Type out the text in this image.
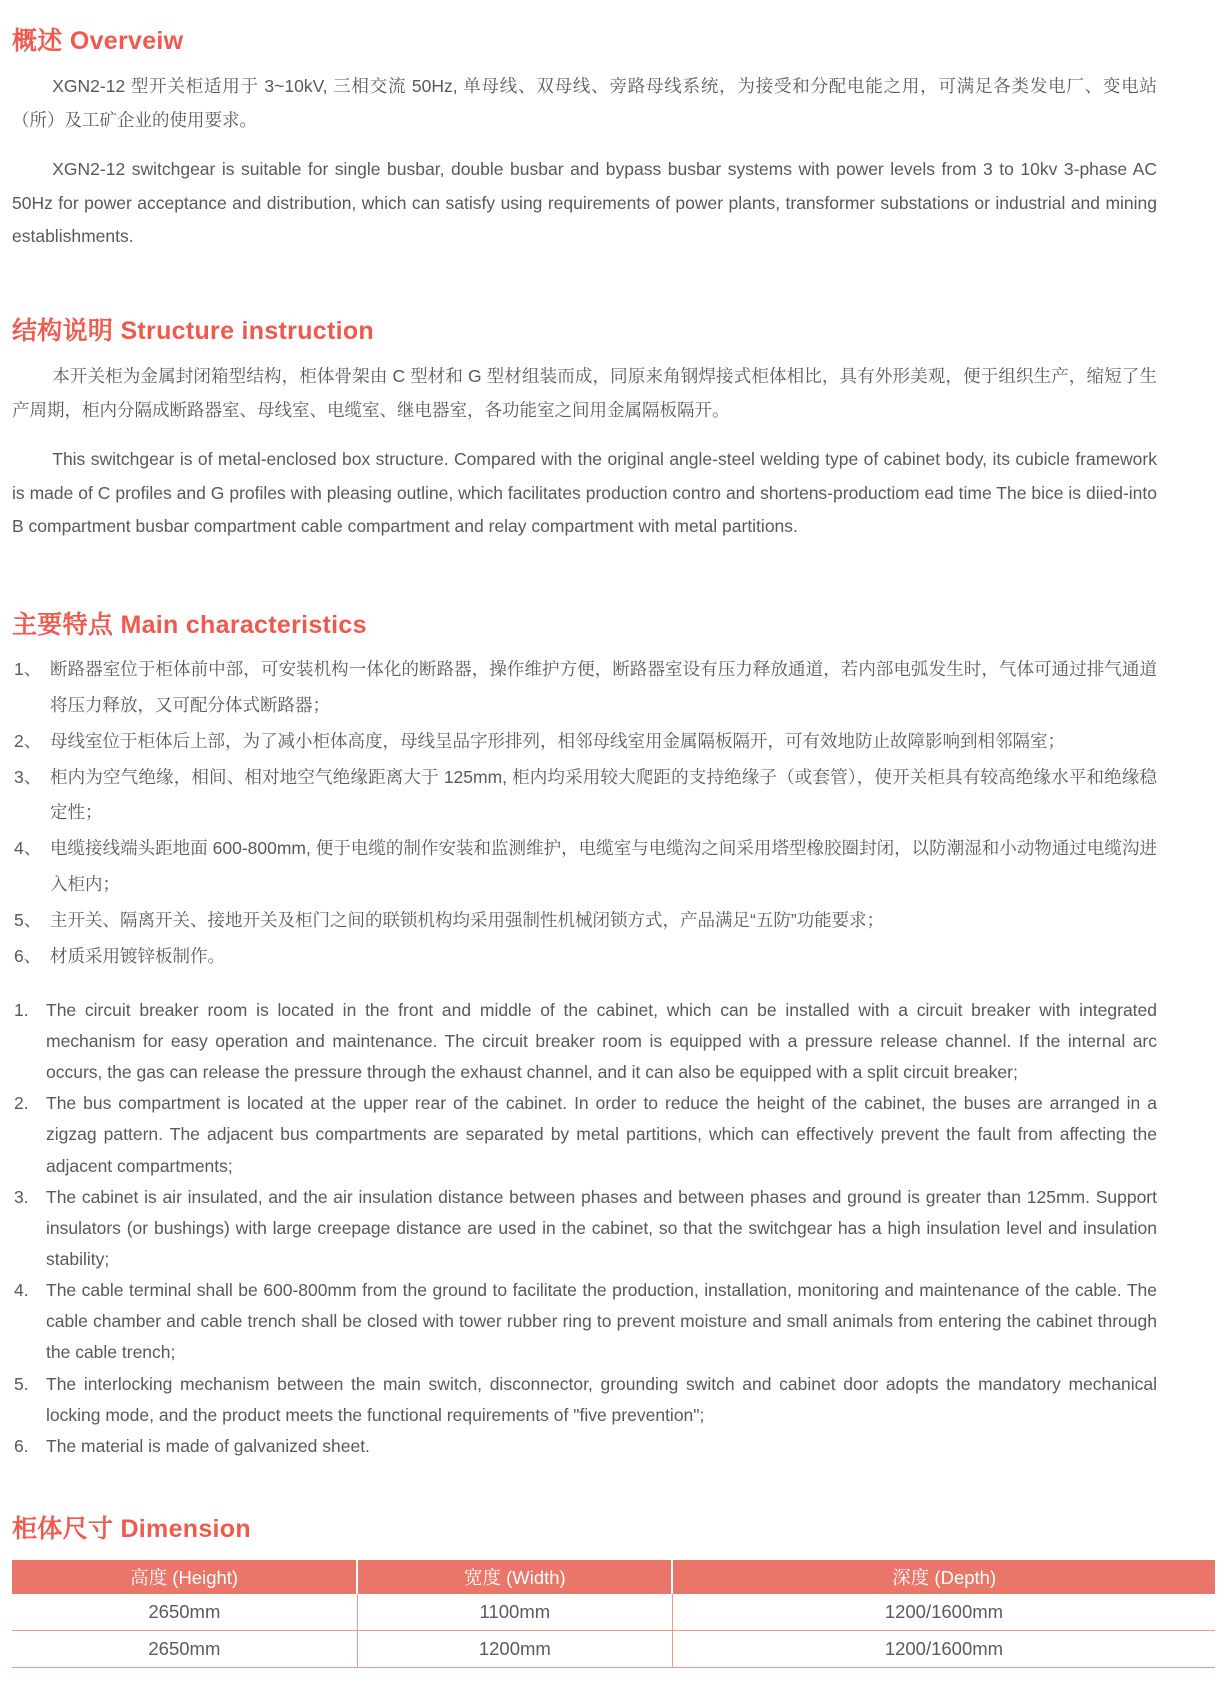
概述 Overveiw

XGN2-12 型开关柜适用于 3~10kV, 三相交流 50Hz, 单母线、双母线、旁路母线系统，为接受和分配电能之用，可满足各类发电厂、变电站（所）及工矿企业的使用要求。

XGN2-12 switchgear is suitable for single busbar, double busbar and bypass busbar systems with power levels from 3 to 10kv 3-phase AC 50Hz for power acceptance and distribution, which can satisfy using requirements of power plants, transformer substations or industrial and mining establishments.

结构说明 Structure instruction

本开关柜为金属封闭箱型结构，柜体骨架由 C 型材和 G 型材组装而成，同原来角钢焊接式柜体相比，具有外形美观，便于组织生产，缩短了生产周期，柜内分隔成断路器室、母线室、电缆室、继电器室，各功能室之间用金属隔板隔开。

This switchgear is of metal-enclosed box structure. Compared with the original angle-steel welding type of cabinet body, its cubicle framework is made of C profiles and G profiles with pleasing outline, which facilitates production contro and shortens-productiom ead time The bice is diied-into B compartment busbar compartment cable compartment and relay compartment with metal partitions.

主要特点 Main characteristics
1、 断路器室位于柜体前中部，可安装机构一体化的断路器，操作维护方便，断路器室设有压力释放通道，若内部电弧发生时，气体可通过排气通道将压力释放，又可配分体式断路器；
2、 母线室位于柜体后上部，为了减小柜体高度，母线呈品字形排列，相邻母线室用金属隔板隔开，可有效地防止故障影响到相邻隔室；
3、 柜内为空气绝缘，相间、相对地空气绝缘距离大于 125mm, 柜内均采用较大爬距的支持绝缘子（或套管），使开关柜具有较高绝缘水平和绝缘稳定性；
4、 电缆接线端头距地面 600-800mm, 便于电缆的制作安装和监测维护，电缆室与电缆沟之间采用塔型橡胶圈封闭，以防潮湿和小动物通过电缆沟进入柜内；
5、 主开关、隔离开关、接地开关及柜门之间的联锁机构均采用强制性机械闭锁方式，产品满足“五防”功能要求；
6、 材质采用镀锌板制作。
1. The circuit breaker room is located in the front and middle of the cabinet, which can be installed with a circuit breaker with integrated mechanism for easy operation and maintenance. The circuit breaker room is equipped with a pressure release channel. If the internal arc occurs, the gas can release the pressure through the exhaust channel, and it can also be equipped with a split circuit breaker;
2. The bus compartment is located at the upper rear of the cabinet. In order to reduce the height of the cabinet, the buses are arranged in a zigzag pattern. The adjacent bus compartments are separated by metal partitions, which can effectively prevent the fault from affecting the adjacent compartments;
3. The cabinet is air insulated, and the air insulation distance between phases and between phases and ground is greater than 125mm. Support insulators (or bushings) with large creepage distance are used in the cabinet, so that the switchgear has a high insulation level and insulation stability;
4. The cable terminal shall be 600-800mm from the ground to facilitate the production, installation, monitoring and maintenance of the cable. The cable chamber and cable trench shall be closed with tower rubber ring to prevent moisture and small animals from entering the cabinet through the cable trench;
5. The interlocking mechanism between the main switch, disconnector, grounding switch and cabinet door adopts the mandatory mechanical locking mode, and the product meets the functional requirements of "five prevention";
6. The material is made of galvanized sheet.
柜体尺寸 Dimension
高度 (Height)	宽度 (Width)	深度 (Depth)
2650mm	1100mm	1200/1600mm
2650mm	1200mm	1200/1600mm
